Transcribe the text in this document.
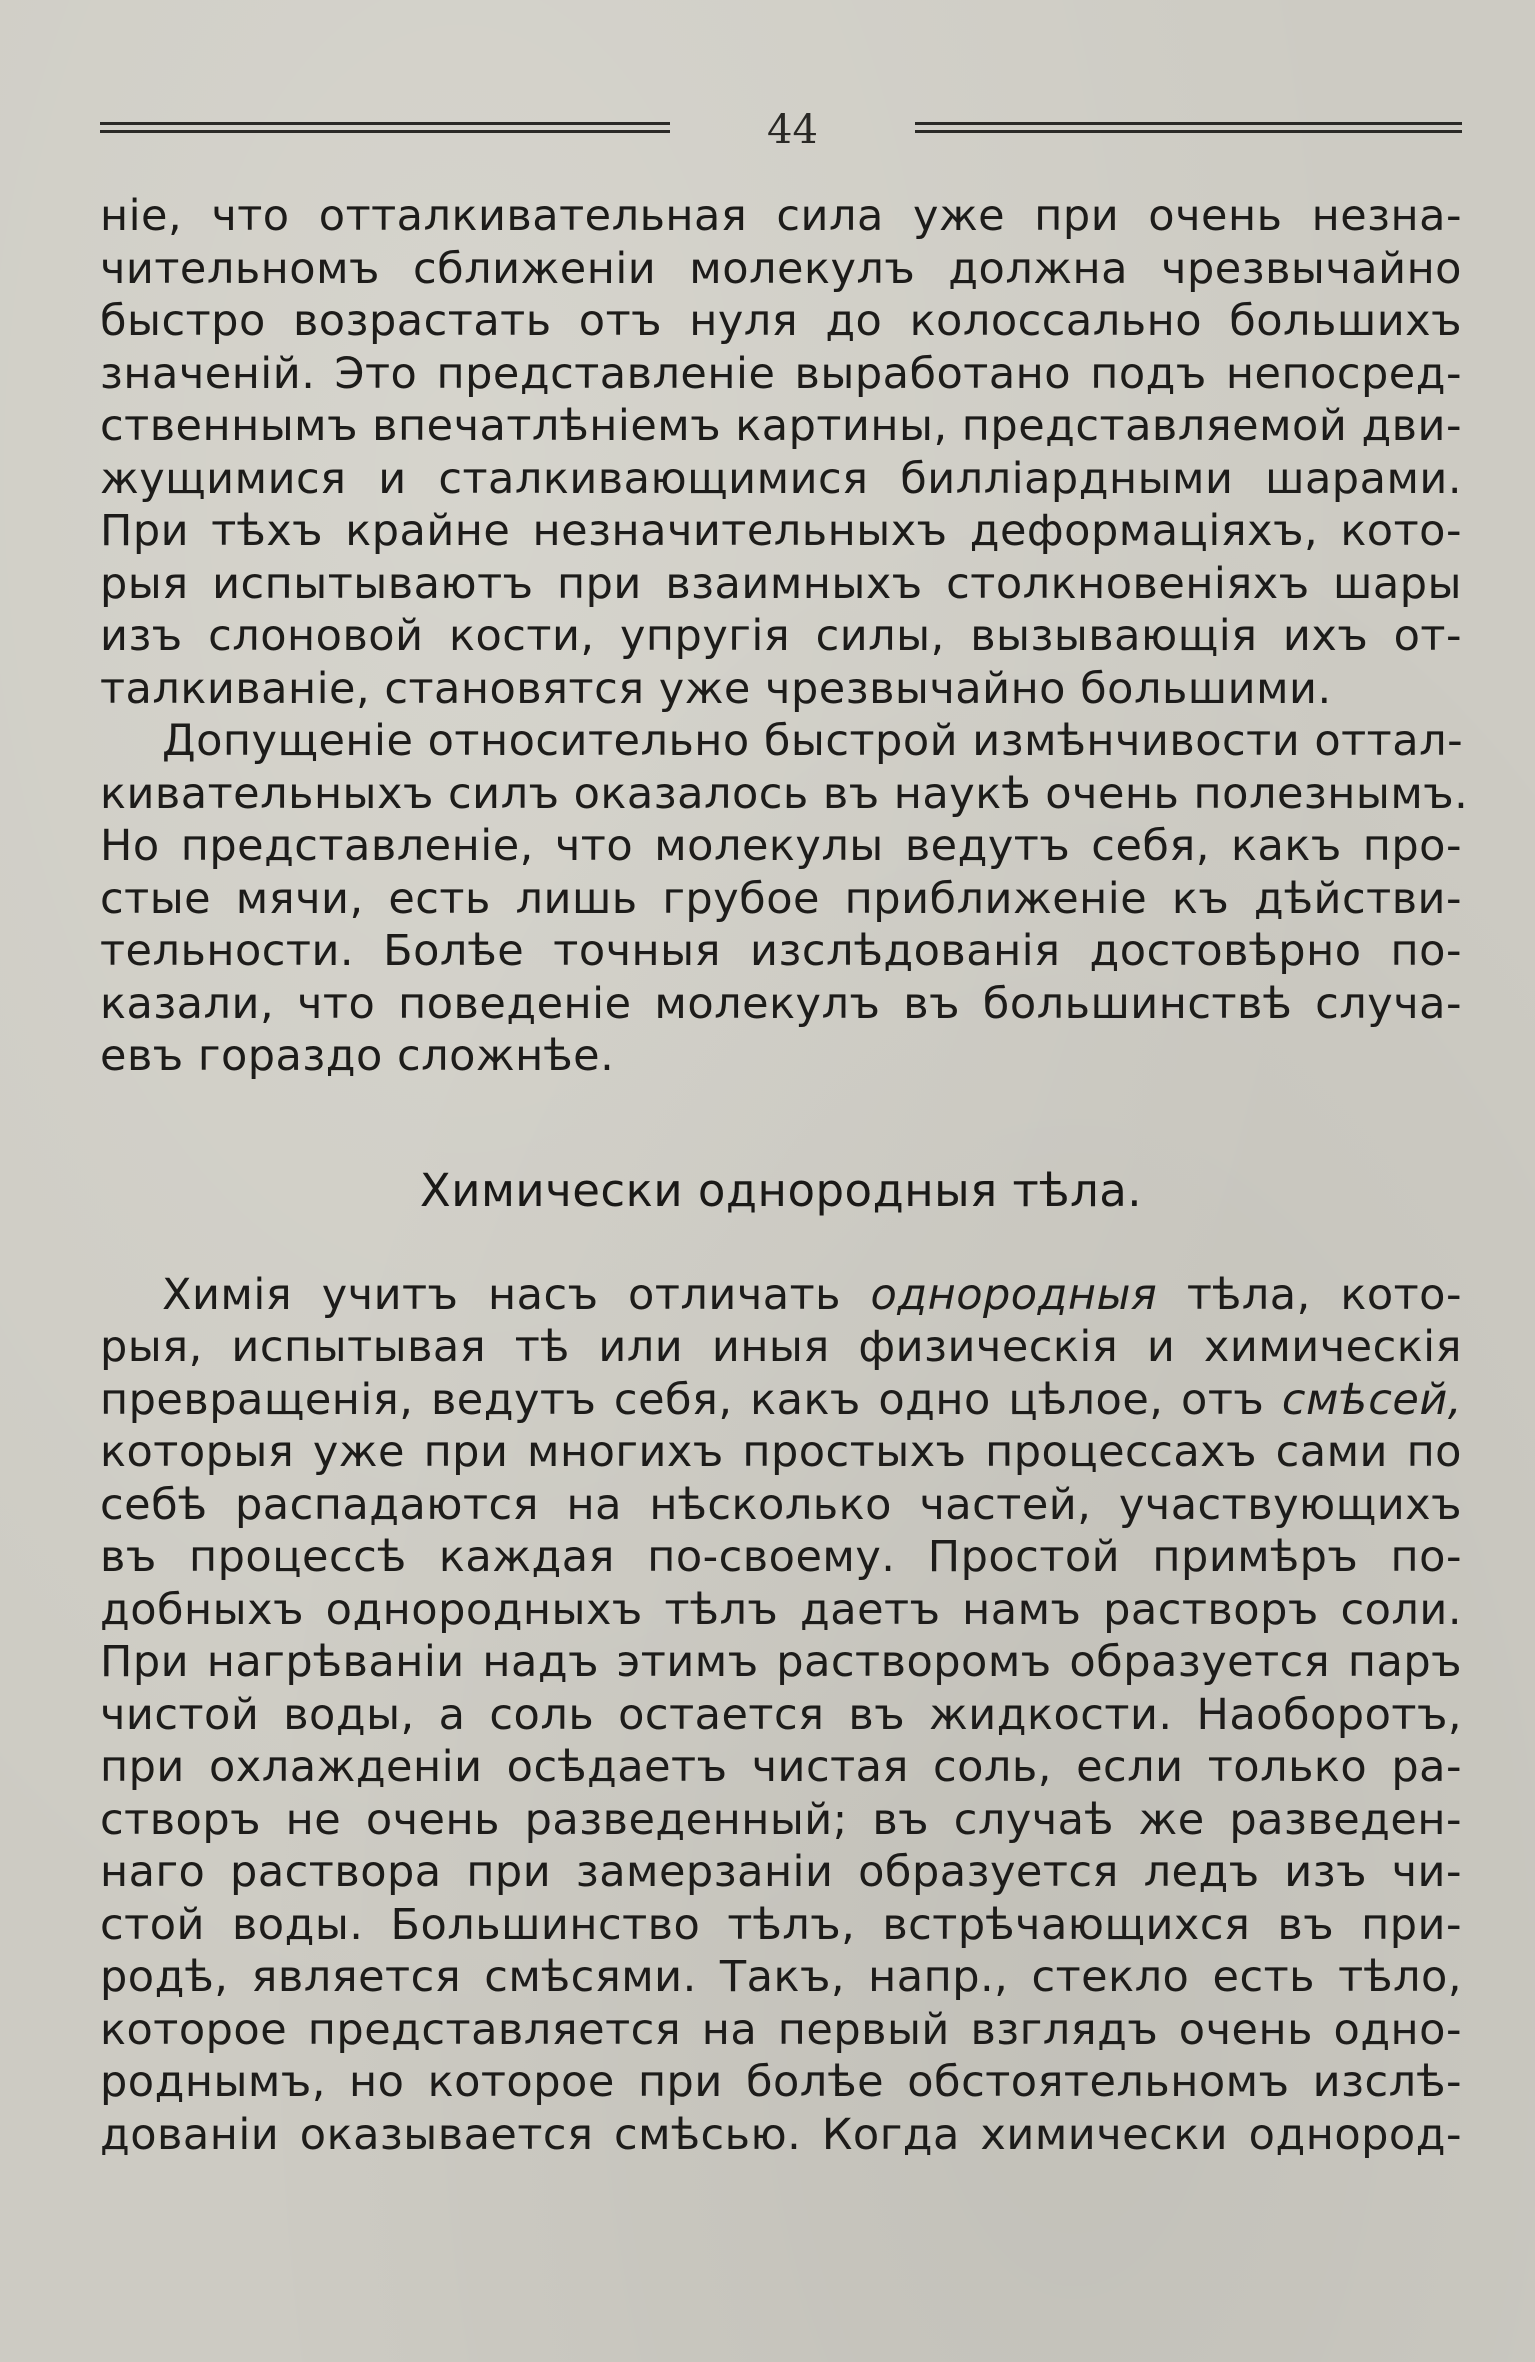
44

ніе, что отталкивательная сила уже при очень незна-
чительномъ сближеніи молекулъ должна чрезвычайно
быстро возрастать отъ нуля до колоссально большихъ
значеній. Это представленіе выработано подъ непосред-
ственнымъ впечатлѣніемъ картины, представляемой дви-
жущимися и сталкивающимися билліардными шарами.
При тѣхъ крайне незначительныхъ деформаціяхъ, кото-
рыя испытываютъ при взаимныхъ столкновеніяхъ шары
изъ слоновой кости, упругія силы, вызывающія ихъ от-
талкиваніе, становятся уже чрезвычайно большими.

Допущеніе относительно быстрой измѣнчивости оттал-
кивательныхъ силъ оказалось въ наукѣ очень полезнымъ.
Но представленіе, что молекулы ведутъ себя, какъ про-
стые мячи, есть лишь грубое приближеніе къ дѣйстви-
тельности. Болѣе точныя изслѣдованія достовѣрно по-
казали, что поведеніе молекулъ въ большинствѣ случа-
евъ гораздо сложнѣе.

Химически однородныя тѣла.

Химія учитъ насъ отличать однородныя тѣла, кото-
рыя, испытывая тѣ или иныя физическія и химическія
превращенія, ведутъ себя, какъ одно цѣлое, отъ смѣсей,
которыя уже при многихъ простыхъ процессахъ сами по
себѣ распадаются на нѣсколько частей, участвующихъ
въ процессѣ каждая по-своему. Простой примѣръ по-
добныхъ однородныхъ тѣлъ даетъ намъ растворъ соли.
При нагрѣваніи надъ этимъ растворомъ образуется паръ
чистой воды, а соль остается въ жидкости. Наоборотъ,
при охлажденіи осѣдаетъ чистая соль, если только ра-
створъ не очень разведенный; въ случаѣ же разведен-
наго раствора при замерзаніи образуется ледъ изъ чи-
стой воды. Большинство тѣлъ, встрѣчающихся въ при-
родѣ, является смѣсями. Такъ, напр., стекло есть тѣло,
которое представляется на первый взглядъ очень одно-
роднымъ, но которое при болѣе обстоятельномъ изслѣ-
дованіи оказывается смѣсью. Когда химически однород-
